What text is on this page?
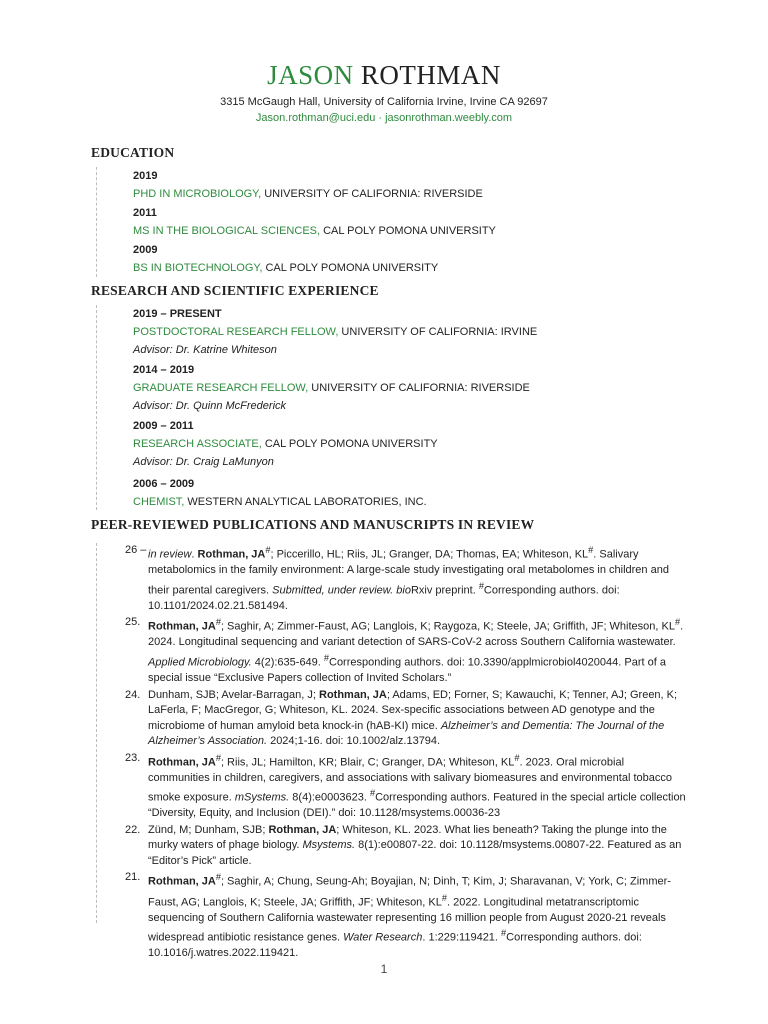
JASON ROTHMAN
3315 McGaugh Hall, University of California Irvine, Irvine CA 92697
Jason.rothman@uci.edu · jasonrothman.weebly.com
EDUCATION
2019
PHD IN MICROBIOLOGY, UNIVERSITY OF CALIFORNIA: RIVERSIDE
2011
MS IN THE BIOLOGICAL SCIENCES, CAL POLY POMONA UNIVERSITY
2009
BS IN BIOTECHNOLOGY, CAL POLY POMONA UNIVERSITY
RESEARCH AND SCIENTIFIC EXPERIENCE
2019 – PRESENT
POSTDOCTORAL RESEARCH FELLOW, UNIVERSITY OF CALIFORNIA: IRVINE
Advisor: Dr. Katrine Whiteson
2014 – 2019
GRADUATE RESEARCH FELLOW, UNIVERSITY OF CALIFORNIA: RIVERSIDE
Advisor: Dr. Quinn McFrederick
2009 – 2011
RESEARCH ASSOCIATE, CAL POLY POMONA UNIVERSITY
Advisor: Dr. Craig LaMunyon
2006 – 2009
CHEMIST, WESTERN ANALYTICAL LABORATORIES, INC.
PEER-REVIEWED PUBLICATIONS AND MANUSCRIPTS IN REVIEW
26 – in review. Rothman, JA#; Piccerillo, HL; Riis, JL; Granger, DA; Thomas, EA; Whiteson, KL#. Salivary metabolomics in the family environment: A large-scale study investigating oral metabolomes in children and their parental caregivers. Submitted, under review. bioRxiv preprint. #Corresponding authors. doi: 10.1101/2024.02.21.581494.
25. Rothman, JA#; Saghir, A; Zimmer-Faust, AG; Langlois, K; Raygoza, K; Steele, JA; Griffith, JF; Whiteson, KL#. 2024. Longitudinal sequencing and variant detection of SARS-CoV-2 across Southern California wastewater. Applied Microbiology. 4(2):635-649. #Corresponding authors. doi: 10.3390/applmicrobiol4020044. Part of a special issue “Exclusive Papers collection of Invited Scholars.”
24. Dunham, SJB; Avelar-Barragan, J; Rothman, JA; Adams, ED; Forner, S; Kawauchi, K; Tenner, AJ; Green, K; LaFerla, F; MacGregor, G; Whiteson, KL. 2024. Sex-specific associations between AD genotype and the microbiome of human amyloid beta knock-in (hAB-KI) mice. Alzheimer’s and Dementia: The Journal of the Alzheimer’s Association. 2024;1-16. doi: 10.1002/alz.13794.
23. Rothman, JA#; Riis, JL; Hamilton, KR; Blair, C; Granger, DA; Whiteson, KL#. 2023. Oral microbial communities in children, caregivers, and associations with salivary biomeasures and environmental tobacco smoke exposure. mSystems. 8(4):e0003623. #Corresponding authors. Featured in the special article collection “Diversity, Equity, and Inclusion (DEI).” doi: 10.1128/msystems.00036-23
22. Zünd, M; Dunham, SJB; Rothman, JA; Whiteson, KL. 2023. What lies beneath? Taking the plunge into the murky waters of phage biology. Msystems. 8(1):e00807-22. doi: 10.1128/msystems.00807-22. Featured as an “Editor’s Pick” article.
21. Rothman, JA#; Saghir, A; Chung, Seung-Ah; Boyajian, N; Dinh, T; Kim, J; Sharavanan, V; York, C; Zimmer-Faust, AG; Langlois, K; Steele, JA; Griffith, JF; Whiteson, KL#. 2022. Longitudinal metatranscriptomic sequencing of Southern California wastewater representing 16 million people from August 2020-21 reveals widespread antibiotic resistance genes. Water Research. 1:229:119421. #Corresponding authors. doi: 10.1016/j.watres.2022.119421.
1
